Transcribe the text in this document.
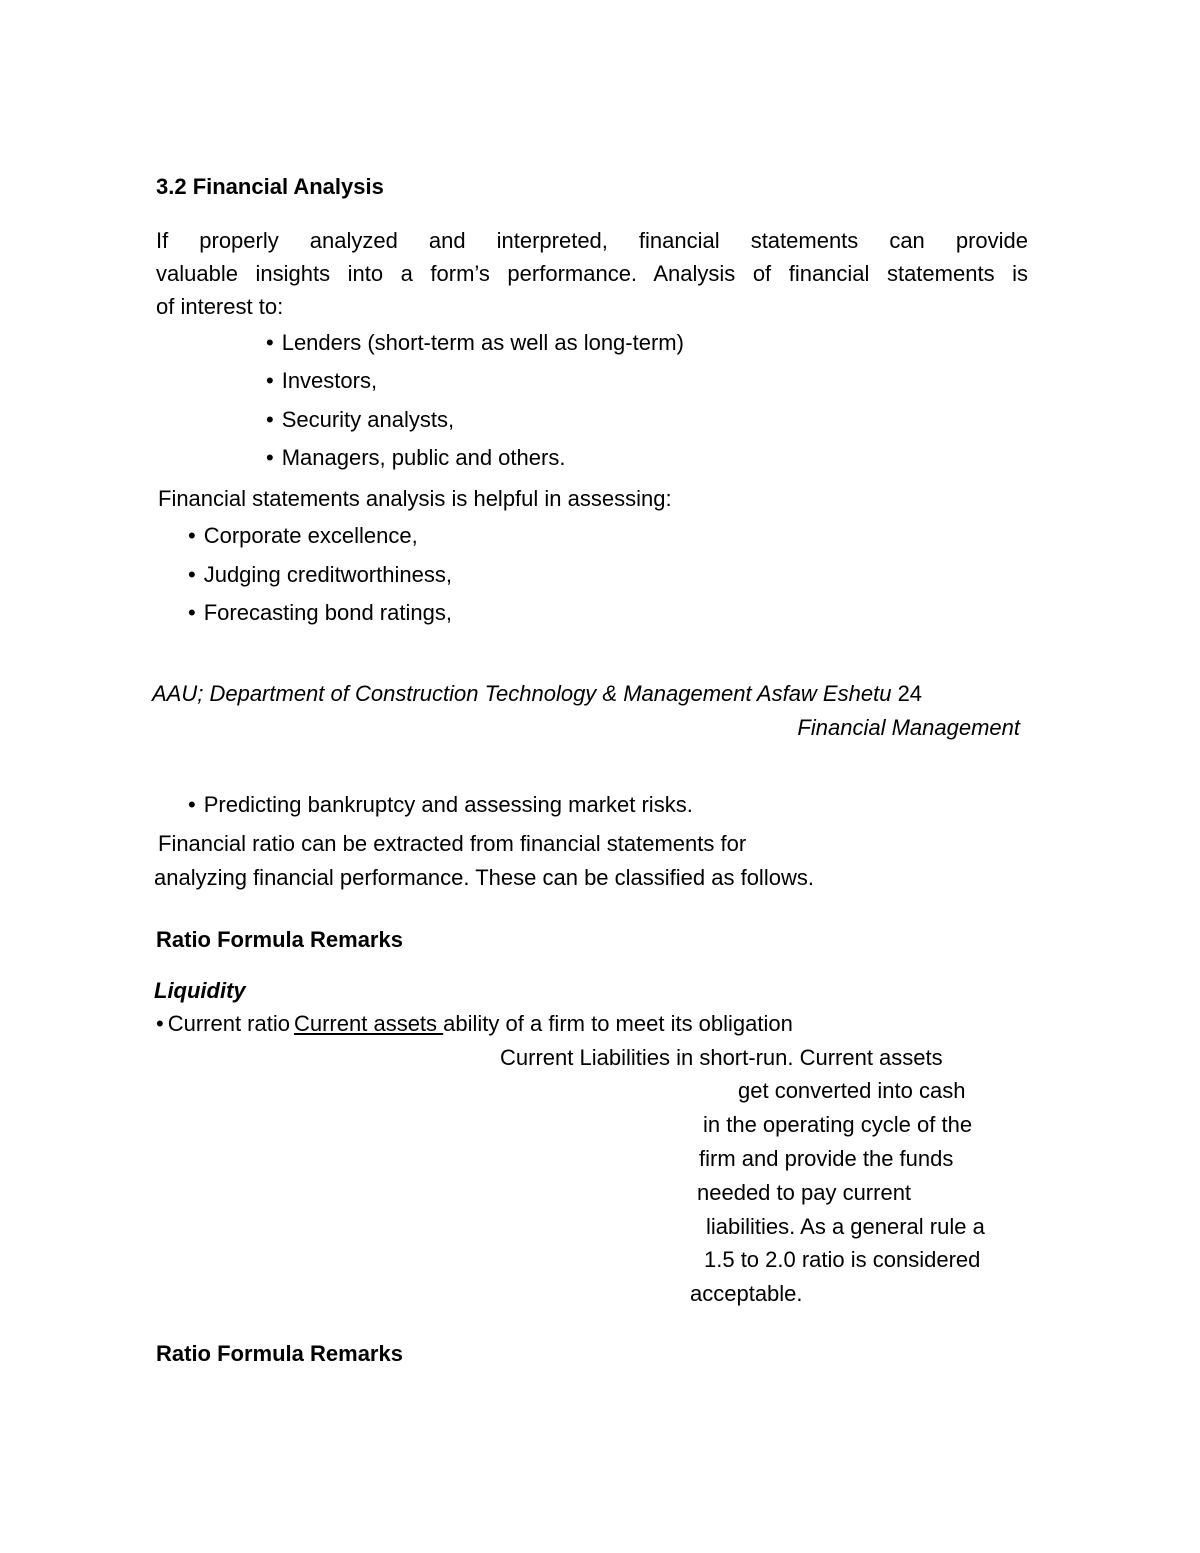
3.2 Financial Analysis
If properly analyzed and interpreted, financial statements can provide
valuable insights into a form’s performance. Analysis of financial statements is
of interest to:
• Lenders (short-term as well as long-term)
• Investors,
• Security analysts,
• Managers, public and others.
Financial statements analysis is helpful in assessing:
• Corporate excellence,
• Judging creditworthiness,
• Forecasting bond ratings,
AAU; Department of Construction Technology & Management Asfaw Eshetu 24
Financial Management
• Predicting bankruptcy and assessing market risks.
Financial ratio can be extracted from financial statements for
analyzing financial performance. These can be classified as follows.
Ratio Formula Remarks
Liquidity
• Current ratio Current assets ability of a firm to meet its obligation
Current Liabilities in short-run. Current assets
get converted into cash
in the operating cycle of the
firm and provide the funds
needed to pay current
liabilities. As a general rule a
1.5 to 2.0 ratio is considered
acceptable.
Ratio Formula Remarks
